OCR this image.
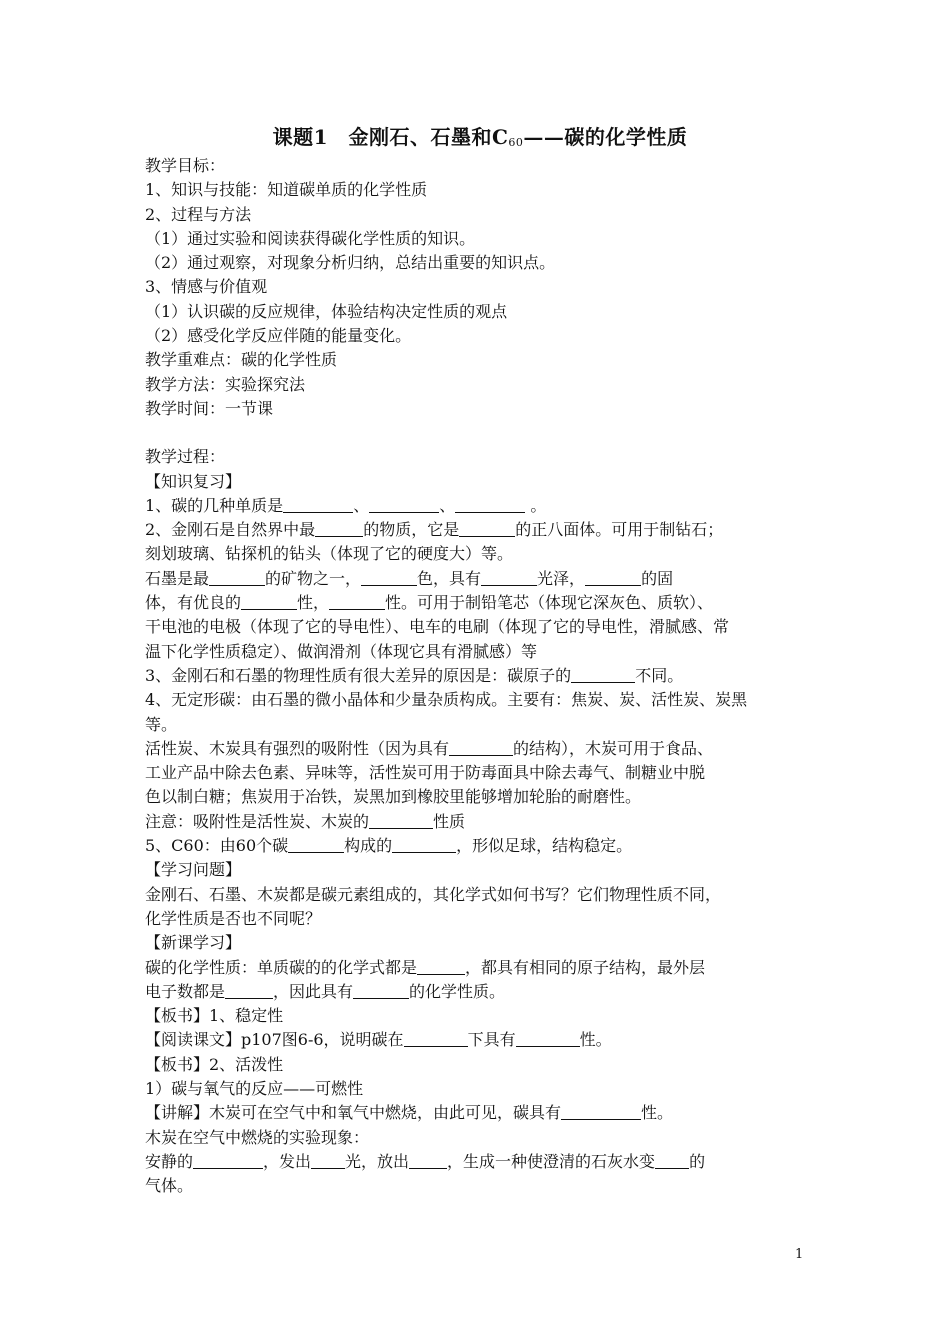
课题1　金刚石、石墨和$C_{60}——$碳的化学性质
教学目标：
1、知识与技能：知道碳单质的化学性质
2、过程与方法
（1）通过实验和阅读获得碳化学性质的知识。
（2）通过观察，对现象分析归纳，总结出重要的知识点。
3、情感与价值观
（1）认识碳的反应规律，体验结构决定性质的观点
（2）感受化学反应伴随的能量变化。
教学重难点：碳的化学性质
教学方法：实验探究法
教学时间：一节课
教学过程：
【知识复习】
1、碳的几种单质是	、	、	。
2、金刚石是自然界中最	的物质，它是	的正八面体。可用于制钻石；
刻划玻璃、钻探机的钻头（体现了它的硬度大）等。
石墨是最	的矿物之一，	色，具有	光泽，	的固
体，有优良的	性，	性。可用于制铅笔芯（体现它深灰色、质软）、
干电池的电极（体现了它的导电性）、电车的电刷（体现了它的导电性，滑腻感、常
温下化学性质稳定）、做润滑剂（体现它具有滑腻感）等
3、金刚石和石墨的物理性质有很大差异的原因是：碳原子的	不同。
4、无定形碳：由石墨的微小晶体和少量杂质构成。主要有：焦炭、炭、活性炭、炭黑
等。
活性炭、木炭具有强烈的吸附性（因为具有	的结构），木炭可用于食品、
工业产品中除去色素、异味等，活性炭可用于防毒面具中除去毒气、制糖业中脱
色以制白糖；焦炭用于冶铁，炭黑加到橡胶里能够增加轮胎的耐磨性。
注意：吸附性是活性炭、木炭的	性质
5、C60：由60个碳	构成的	，形似足球，结构稳定。
【学习问题】
金刚石、石墨、木炭都是碳元素组成的，其化学式如何书写？它们物理性质不同，
化学性质是否也不同呢？
【新课学习】
碳的化学性质：单质碳的的化学式都是	，都具有相同的原子结构，最外层
电子数都是	，因此具有	的化学性质。
【板书】1、稳定性
【阅读课文】p107图6-6，说明碳在	下具有	性。
【板书】2、活泼性
1）碳与氧气的反应——可燃性
【讲解】木炭可在空气中和氧气中燃烧，由此可见，碳具有	性。
木炭在空气中燃烧的实验现象：
安静的	，发出 光，放出 ，生成一种使澄清的石灰水变 的
气体。
1
